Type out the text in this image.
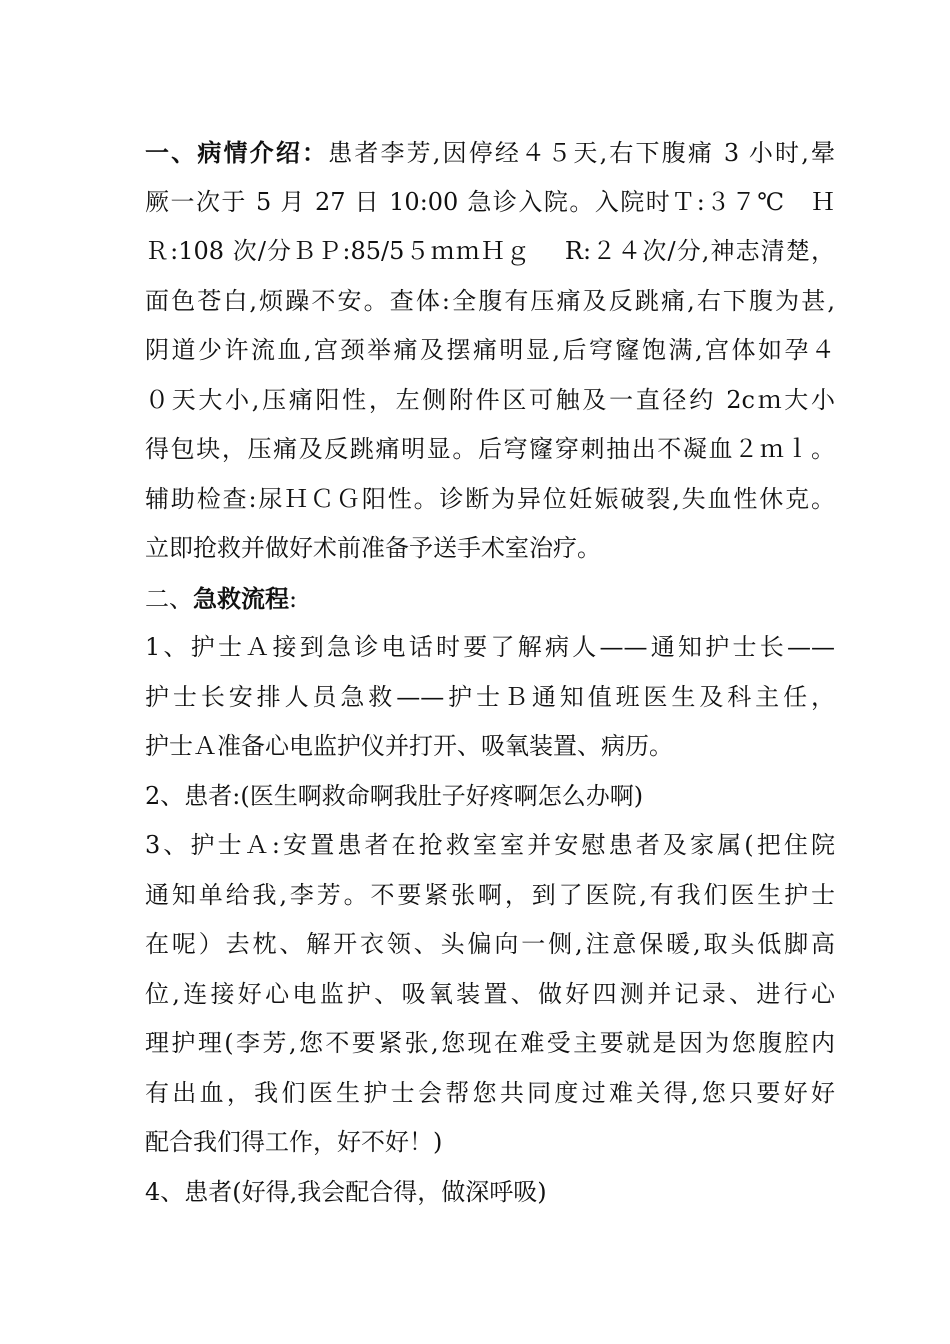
一、病情介绍：患者李芳,因停经４５天,右下腹痛 3 小时,晕
厥一次于 5 月 27 日 10:00 急诊入院。入院时Ｔ:３７℃　Ｈ
Ｒ:108 次/分ＢＰ:85/5５ｍｍＨｇ　 R:２４次/分,神志清楚，
面色苍白,烦躁不安。查体:全腹有压痛及反跳痛,右下腹为甚,
阴道少许流血,宫颈举痛及摆痛明显,后穹窿饱满,宫体如孕４
０天大小,压痛阳性，左侧附件区可触及一直径约 2cｍ大小
得包块，压痛及反跳痛明显。后穹窿穿刺抽出不凝血２ｍｌ。
辅助检查:尿ＨＣＧ阳性。诊断为异位妊娠破裂,失血性休克。
立即抢救并做好术前准备予送手术室治疗。
二、急救流程:
1、护士Ａ接到急诊电话时要了解病人——通知护士长——
护士长安排人员急救——护士Ｂ通知值班医生及科主任，
护士Ａ准备心电监护仪并打开、吸氧装置、病历。
2、患者:(医生啊救命啊我肚子好疼啊怎么办啊)
3、护士Ａ:安置患者在抢救室室并安慰患者及家属(把住院
通知单给我,李芳。不要紧张啊，到了医院,有我们医生护士
在呢）去枕、解开衣领、头偏向一侧,注意保暖,取头低脚高
位,连接好心电监护、吸氧装置、做好四测并记录、进行心
理护理(李芳,您不要紧张,您现在难受主要就是因为您腹腔内
有出血，我们医生护士会帮您共同度过难关得,您只要好好
配合我们得工作，好不好！)
4、患者(好得,我会配合得，做深呼吸)
